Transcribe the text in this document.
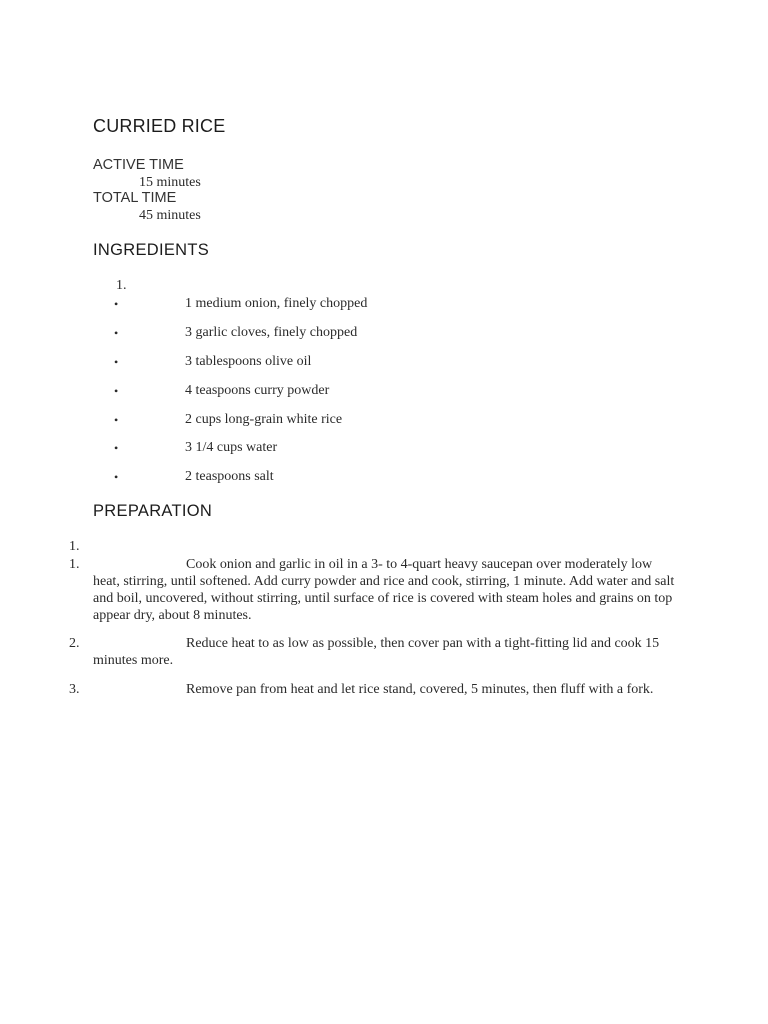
CURRIED RICE
ACTIVE TIME
15 minutes
TOTAL TIME
45 minutes
INGREDIENTS
1.
•	1 medium onion, finely chopped
•	3 garlic cloves, finely chopped
•	3 tablespoons olive oil
•	4 teaspoons curry powder
•	2 cups long-grain white rice
•	3 1/4 cups water
•	2 teaspoons salt
PREPARATION
1.
1.	Cook onion and garlic in oil in a 3- to 4-quart heavy saucepan over moderately low heat, stirring, until softened. Add curry powder and rice and cook, stirring, 1 minute. Add water and salt and boil, uncovered, without stirring, until surface of rice is covered with steam holes and grains on top appear dry, about 8 minutes.
2.	Reduce heat to as low as possible, then cover pan with a tight-fitting lid and cook 15 minutes more.
3.	Remove pan from heat and let rice stand, covered, 5 minutes, then fluff with a fork.
